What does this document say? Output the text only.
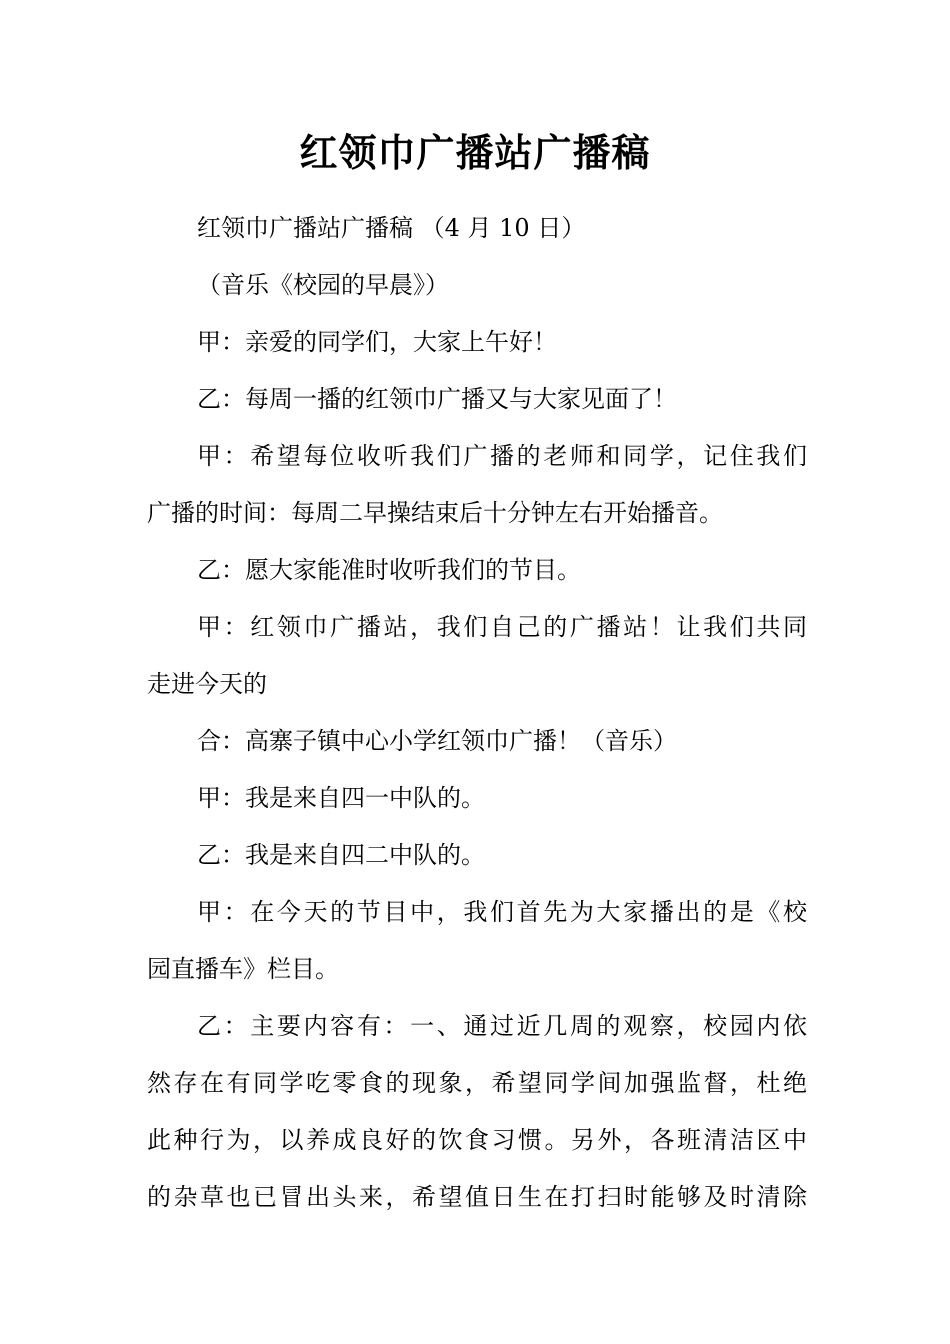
红领巾广播站广播稿

红领巾广播站广播稿 （4 月 10 日）

（音乐《校园的早晨》）

甲：亲爱的同学们，大家上午好！

乙：每周一播的红领巾广播又与大家见面了！

甲：希望每位收听我们广播的老师和同学，记住我们
广播的时间：每周二早操结束后十分钟左右开始播音。

乙：愿大家能准时收听我们的节目。

甲：红领巾广播站，我们自己的广播站！让我们共同
走进今天的

合：高寨子镇中心小学红领巾广播！（音乐）

甲：我是来自四一中队的。

乙：我是来自四二中队的。

甲：在今天的节目中，我们首先为大家播出的是《校
园直播车》栏目。

乙：主要内容有：一、通过近几周的观察，校园内依
然存在有同学吃零食的现象，希望同学间加强监督，杜绝
此种行为，以养成良好的饮食习惯。另外，各班清洁区中
的杂草也已冒出头来，希望值日生在打扫时能够及时清除
